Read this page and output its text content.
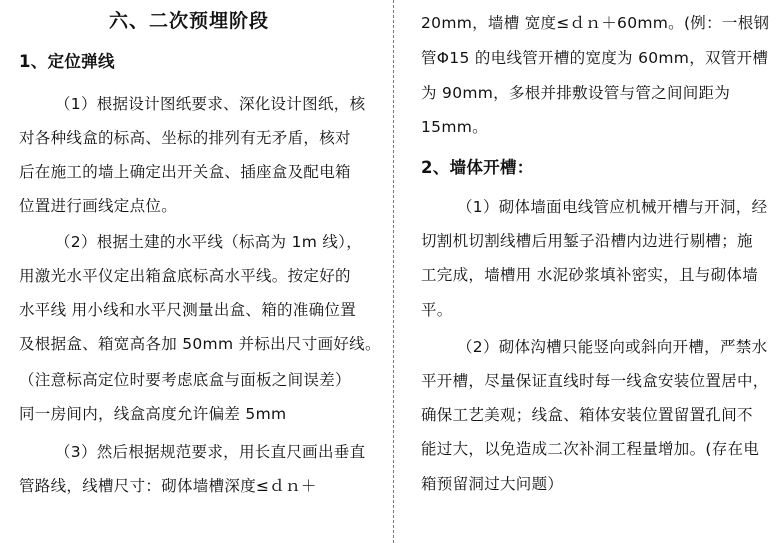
六、二次预埋阶段
1、定位弹线
（1）根据设计图纸要求、深化设计图纸，核
对各种线盒的标高、坐标的排列有无矛盾，核对
后在施工的墙上确定出开关盒、插座盒及配电箱
位置进行画线定点位。
（2）根据土建的水平线（标高为 1m 线），
用激光水平仪定出箱盒底标高水平线。按定好的
水平线 用小线和水平尺测量出盒、箱的准确位置
及根据盒、箱宽高各加 50mm 并标出尺寸画好线。
（注意标高定位时要考虑底盒与面板之间误差）
同一房间内，线盒高度允许偏差 5mm
（3）然后根据规范要求，用长直尺画出垂直
管路线，线槽尺寸：砌体墙槽深度≤ｄｎ＋
20mm，墙槽 宽度≤ｄｎ＋60mm。(例：一根钢
管Φ15 的电线管开槽的宽度为 60mm，双管开槽
为 90mm，多根并排敷设管与管之间间距为
15mm。
2、墙体开槽：
（1）砌体墙面电线管应机械开槽与开洞，经
切割机切割线槽后用錾子沿槽内边进行剔槽；施
工完成，墙槽用 水泥砂浆填补密实，且与砌体墙
平。
（2）砌体沟槽只能竖向或斜向开槽，严禁水
平开槽，尽量保证直线时每一线盒安装位置居中，
确保工艺美观；线盒、箱体安装位置留置孔间不
能过大，以免造成二次补洞工程量增加。(存在电
箱预留洞过大问题）
